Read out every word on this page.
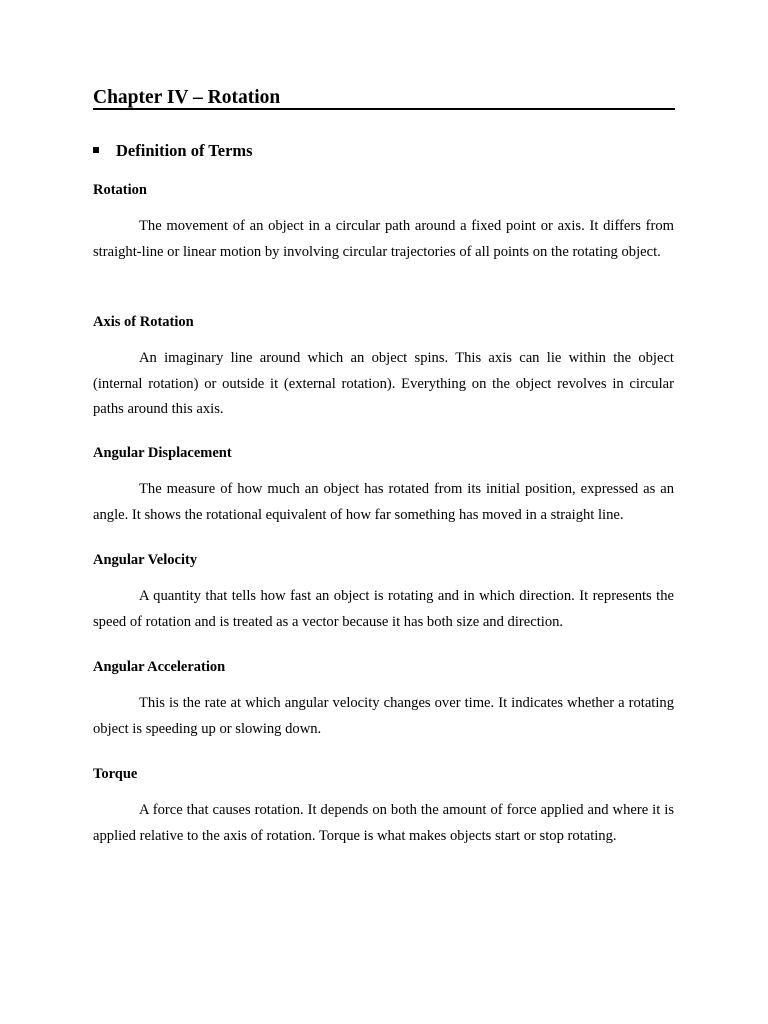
Chapter IV – Rotation
Definition of Terms
Rotation

The movement of an object in a circular path around a fixed point or axis. It differs from straight-line or linear motion by involving circular trajectories of all points on the rotating object.

Axis of Rotation

An imaginary line around which an object spins. This axis can lie within the object (internal rotation) or outside it (external rotation). Everything on the object revolves in circular paths around this axis.

Angular Displacement

The measure of how much an object has rotated from its initial position, expressed as an angle. It shows the rotational equivalent of how far something has moved in a straight line.

Angular Velocity

A quantity that tells how fast an object is rotating and in which direction. It represents the speed of rotation and is treated as a vector because it has both size and direction.

Angular Acceleration

This is the rate at which angular velocity changes over time. It indicates whether a rotating object is speeding up or slowing down.

Torque

A force that causes rotation. It depends on both the amount of force applied and where it is applied relative to the axis of rotation. Torque is what makes objects start or stop rotating.
